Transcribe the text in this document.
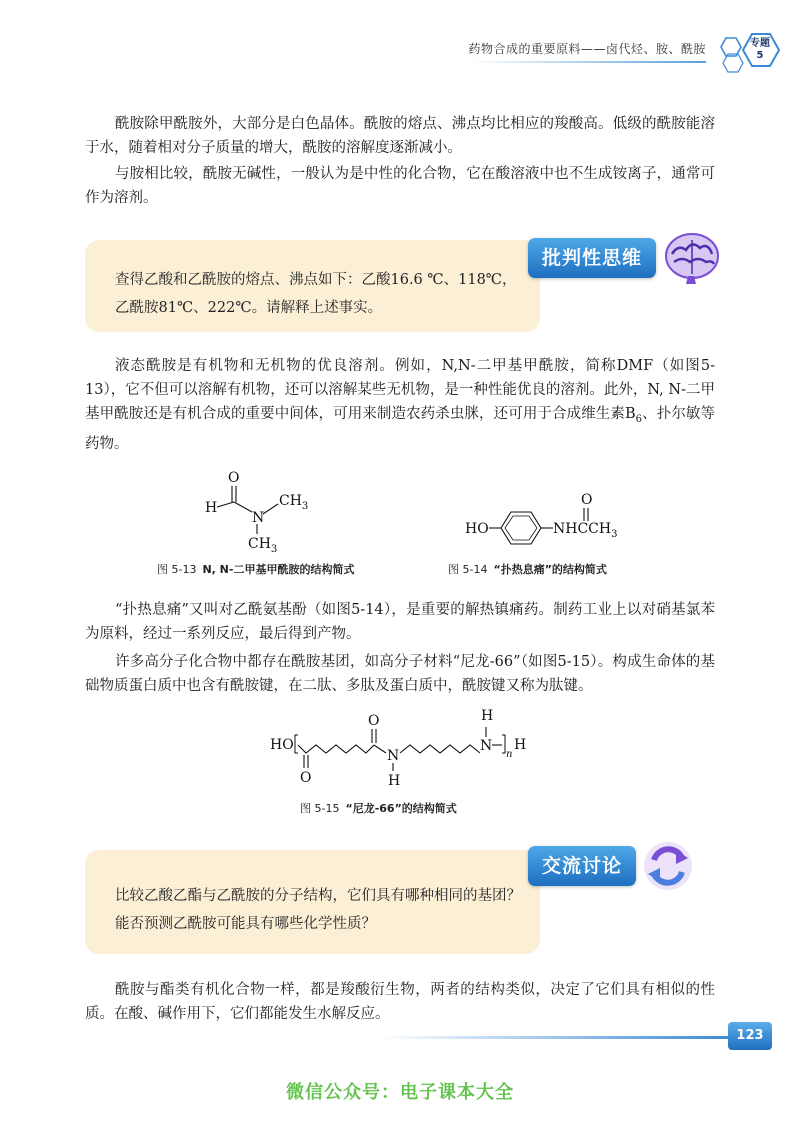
药物合成的重要原料——卤代烃、胺、酰胺	专题
5

酰胺除甲酰胺外，大部分是白色晶体。酰胺的熔点、沸点均比相应的羧酸高。低级的酰胺能溶于水，随着相对分子质量的增大，酰胺的溶解度逐渐减小。

与胺相比较，酰胺无碱性，一般认为是中性的化合物，它在酸溶液中也不生成铵离子，通常可作为溶剂。

查得乙酸和乙酰胺的熔点、沸点如下：乙酸16.6 ℃、118℃，乙酰胺81℃、222℃。请解释上述事实。
批判性思维

液态酰胺是有机物和无机物的优良溶剂。例如，N,N-二甲基甲酰胺，简称DMF（如图5-13），它不但可以溶解有机物，还可以溶解某些无机物，是一种性能优良的溶剂。此外，N, N-二甲基甲酰胺还是有机合成的重要中间体，可用来制造农药杀虫脒，还可用于合成维生素$B_6$、扑尔敏等药物。

O
H
N
$CH_3$
$CH_3$
图 5-13 N, N-二甲基甲酰胺的结构简式
HO	$NHCCH_3$
O
图 5-14 “扑热息痛”的结构简式

“扑热息痛”又叫对乙酰氨基酚（如图5-14），是重要的解热镇痛药。制药工业上以对硝基氯苯为原料，经过一系列反应，最后得到产物。

许多高分子化合物中都存在酰胺基团，如高分子材料“尼龙-66”（如图5-15）。构成生命体的基础物质蛋白质中也含有酰胺键，在二肽、多肽及蛋白质中，酰胺键又称为肽键。

HO
O
O
N
H
N
H
n
H
图 5-15 “尼龙-66”的结构简式
比较乙酸乙酯与乙酰胺的分子结构，它们具有哪种相同的基团？能否预测乙酰胺可能具有哪些化学性质？
交流讨论

酰胺与酯类有机化合物一样，都是羧酸衍生物，两者的结构类似，决定了它们具有相似的性质。在酸、碱作用下，它们都能发生水解反应。

123
微信公众号：电子课本大全
